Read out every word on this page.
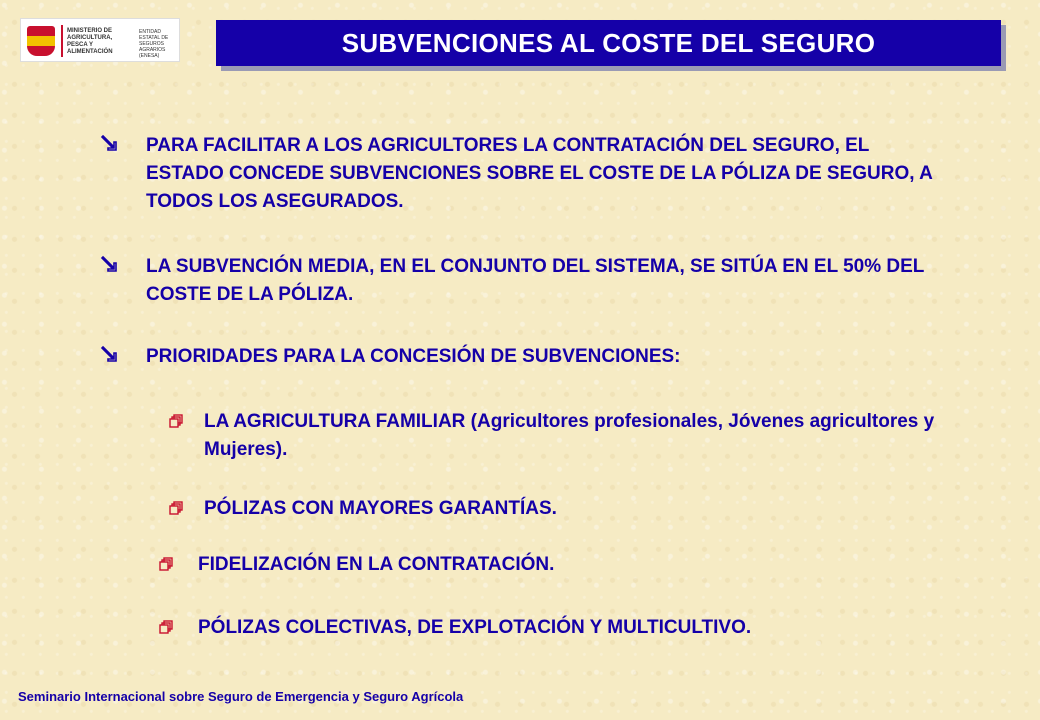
MINISTERIO DE AGRICULTURA, PESCA Y ALIMENTACIÓN
ENTIDAD ESTATAL DE SEGUROS AGRARIOS (ENESA)	SUBVENCIONES AL COSTE DEL SEGURO
PARA FACILITAR A LOS AGRICULTORES LA CONTRATACIÓN DEL SEGURO, EL ESTADO CONCEDE SUBVENCIONES SOBRE EL COSTE DE LA PÓLIZA DE SEGURO, A TODOS LOS ASEGURADOS.
LA SUBVENCIÓN MEDIA, EN EL CONJUNTO DEL SISTEMA, SE SITÚA EN EL 50% DEL COSTE DE LA PÓLIZA.
PRIORIDADES PARA LA CONCESIÓN DE SUBVENCIONES:
LA AGRICULTURA FAMILIAR (Agricultores profesionales, Jóvenes agricultores y Mujeres).
PÓLIZAS CON MAYORES GARANTÍAS.
FIDELIZACIÓN EN LA CONTRATACIÓN.
PÓLIZAS COLECTIVAS, DE EXPLOTACIÓN Y MULTICULTIVO.
Seminario Internacional sobre Seguro de Emergencia y Seguro Agrícola
